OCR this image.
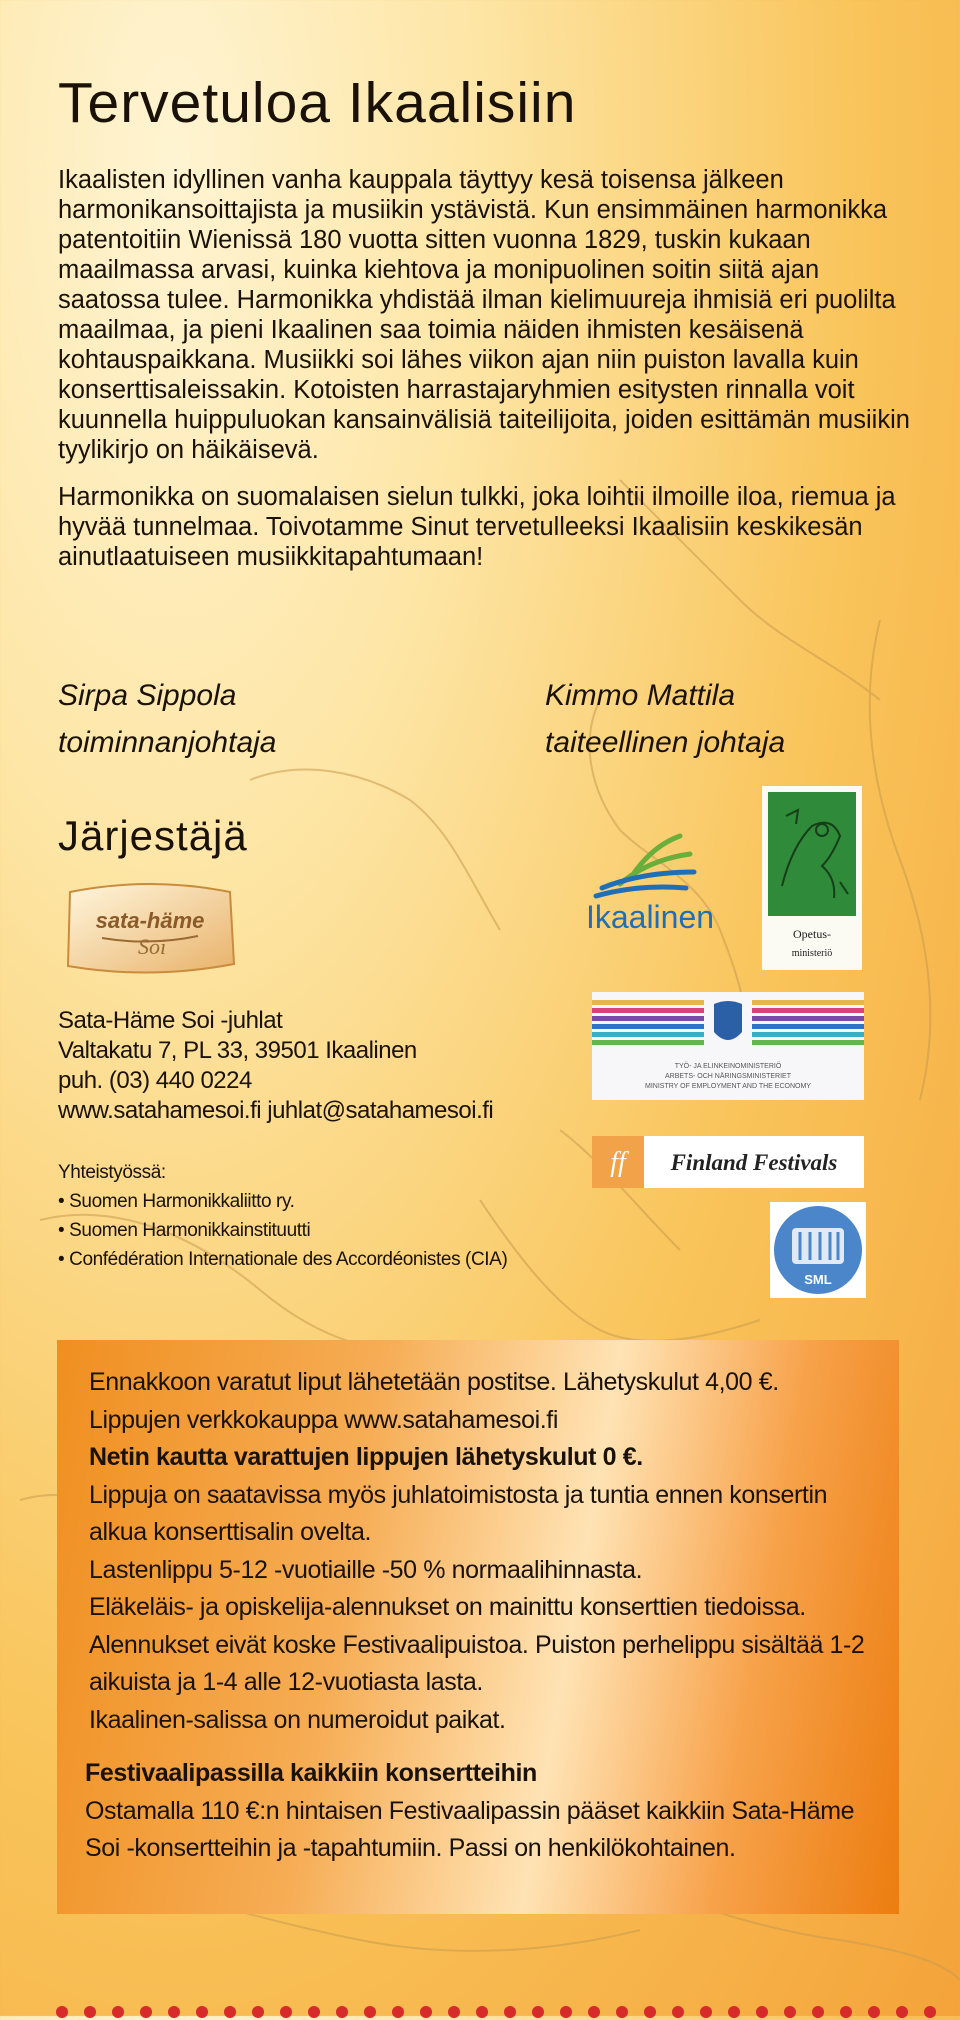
Tervetuloa Ikaalisiin

Ikaalisten idyllinen vanha kauppala täyttyy kesä toisensa jälkeen harmonikansoittajista ja musiikin ystävistä. Kun ensimmäinen harmonikka patentoitiin Wienissä 180 vuotta sitten vuonna 1829, tuskin kukaan maailmassa arvasi, kuinka kiehtova ja monipuolinen soitin siitä ajan saatossa tulee. Harmonikka yhdistää ilman kielimuureja ihmisiä eri puolilta maailmaa, ja pieni Ikaalinen saa toimia näiden ihmisten kesäisenä kohtauspaikkana. Musiikki soi lähes viikon ajan niin puiston lavalla kuin konserttisaleissakin. Kotoisten harrastajaryhmien esitysten rinnalla voit kuunnella huippuluokan kansainvälisiä taiteilijoita, joiden esittämän musiikin tyylikirjo on häikäisevä.

Harmonikka on suomalaisen sielun tulkki, joka loihtii ilmoille iloa, riemua ja hyvää tunnelmaa. Toivotamme Sinut tervetulleeksi Ikaalisiin keskikesän ainutlaatuiseen musiikkitapahtumaan!

Sirpa Sippola
toiminnanjohtaja
Kimmo Mattila
taiteellinen johtaja
Järjestäjä
sata-häme
Soi
Sata-Häme Soi -juhlat
Valtakatu 7, PL 33, 39501 Ikaalinen
puh. (03) 440 0224
www.satahamesoi.fi juhlat@satahamesoi.fi
Yhteistyössä:
• Suomen Harmonikkaliitto ry.
• Suomen Harmonikkainstituutti
• Confédération Internationale des Accordéonistes (CIA)
Ikaalinen	Opetus-
ministeriö
TYÖ- JA ELINKEINOMINISTERIÖ
ARBETS- OCH NÄRINGSMINISTERIET
MINISTRY OF EMPLOYMENT AND THE ECONOMY
ff Finland Festivals
SML

Ennakkoon varatut liput lähetetään postitse. Lähetyskulut 4,00 €.

Lippujen verkkokauppa www.satahamesoi.fi

Netin kautta varattujen lippujen lähetyskulut 0 €.

Lippuja on saatavissa myös juhlatoimistosta ja tuntia ennen konsertin alkua konserttisalin ovelta.

Lastenlippu 5-12 -vuotiaille -50 % normaalihinnasta.

Eläkeläis- ja opiskelija-alennukset on mainittu konserttien tiedoissa. Alennukset eivät koske Festivaalipuistoa. Puiston perhelippu sisältää 1-2 aikuista ja 1-4 alle 12-vuotiasta lasta.

Ikaalinen-salissa on numeroidut paikat.

Festivaalipassilla kaikkiin konsertteihin

Ostamalla 110 €:n hintaisen Festivaalipassin pääset kaikkiin Sata-Häme Soi -konsertteihin ja -tapahtumiin. Passi on henkilökohtainen.
